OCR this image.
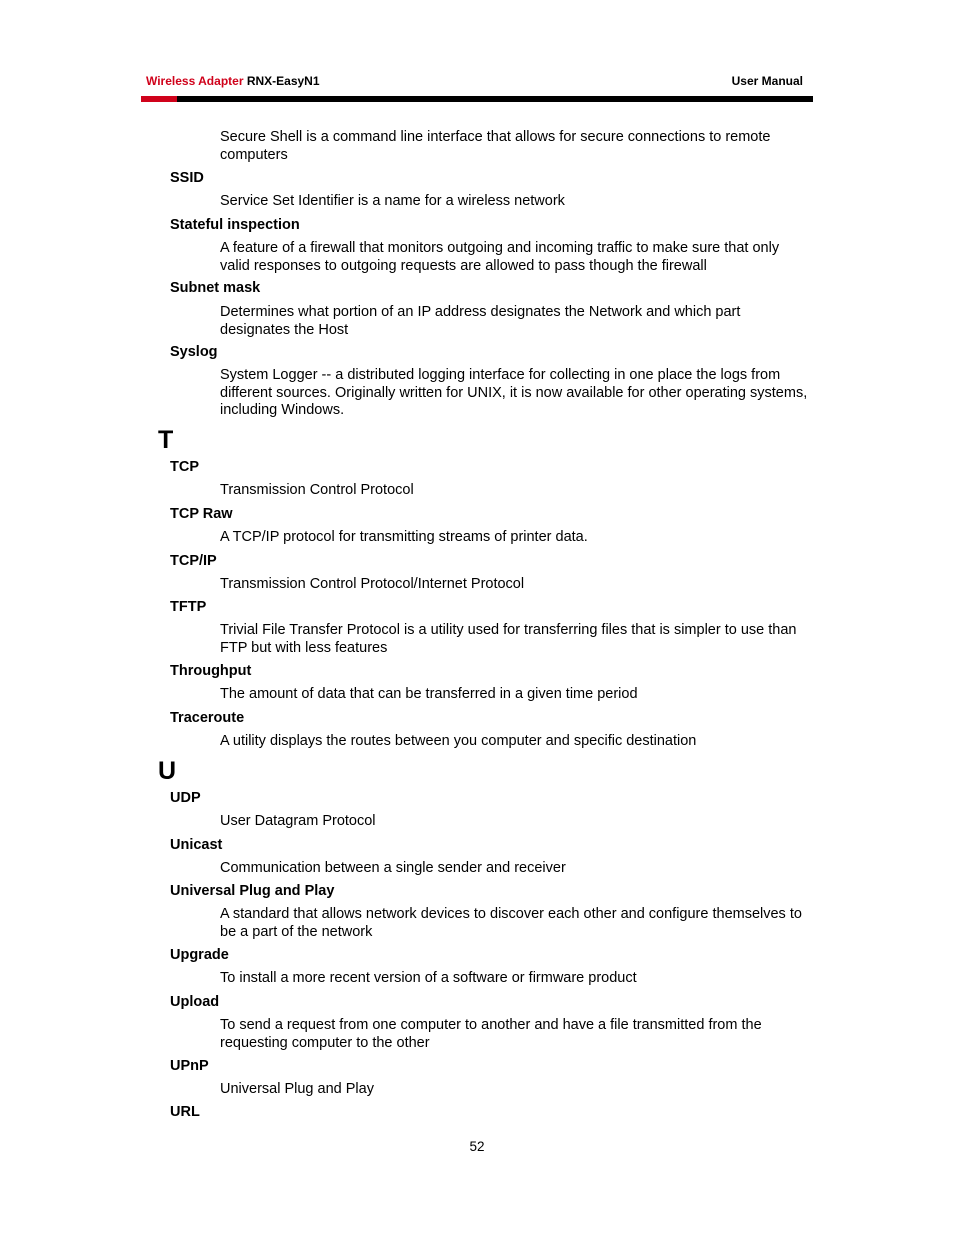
Wireless Adapter RNX-EasyN1	User Manual
Secure Shell is a command line interface that allows for secure connections to remote computers
SSID
Service Set Identifier is a name for a wireless network
Stateful inspection
A feature of a firewall that monitors outgoing and incoming traffic to make sure that only valid responses to outgoing requests are allowed to pass though the firewall
Subnet mask
Determines what portion of an IP address designates the Network and which part designates the Host
Syslog
System Logger -- a distributed logging interface for collecting in one place the logs from different sources. Originally written for UNIX, it is now available for other operating systems, including Windows.
T
TCP
Transmission Control Protocol
TCP Raw
A TCP/IP protocol for transmitting streams of printer data.
TCP/IP
Transmission Control Protocol/Internet Protocol
TFTP
Trivial File Transfer Protocol is a utility used for transferring files that is simpler to use than FTP but with less features
Throughput
The amount of data that can be transferred in a given time period
Traceroute
A utility displays the routes between you computer and specific destination
U
UDP
User Datagram Protocol
Unicast
Communication between a single sender and receiver
Universal Plug and Play
A standard that allows network devices to discover each other and configure themselves to be a part of the network
Upgrade
To install a more recent version of a software or firmware product
Upload
To send a request from one computer to another and have a file transmitted from the requesting computer to the other
UPnP
Universal Plug and Play
URL
52
